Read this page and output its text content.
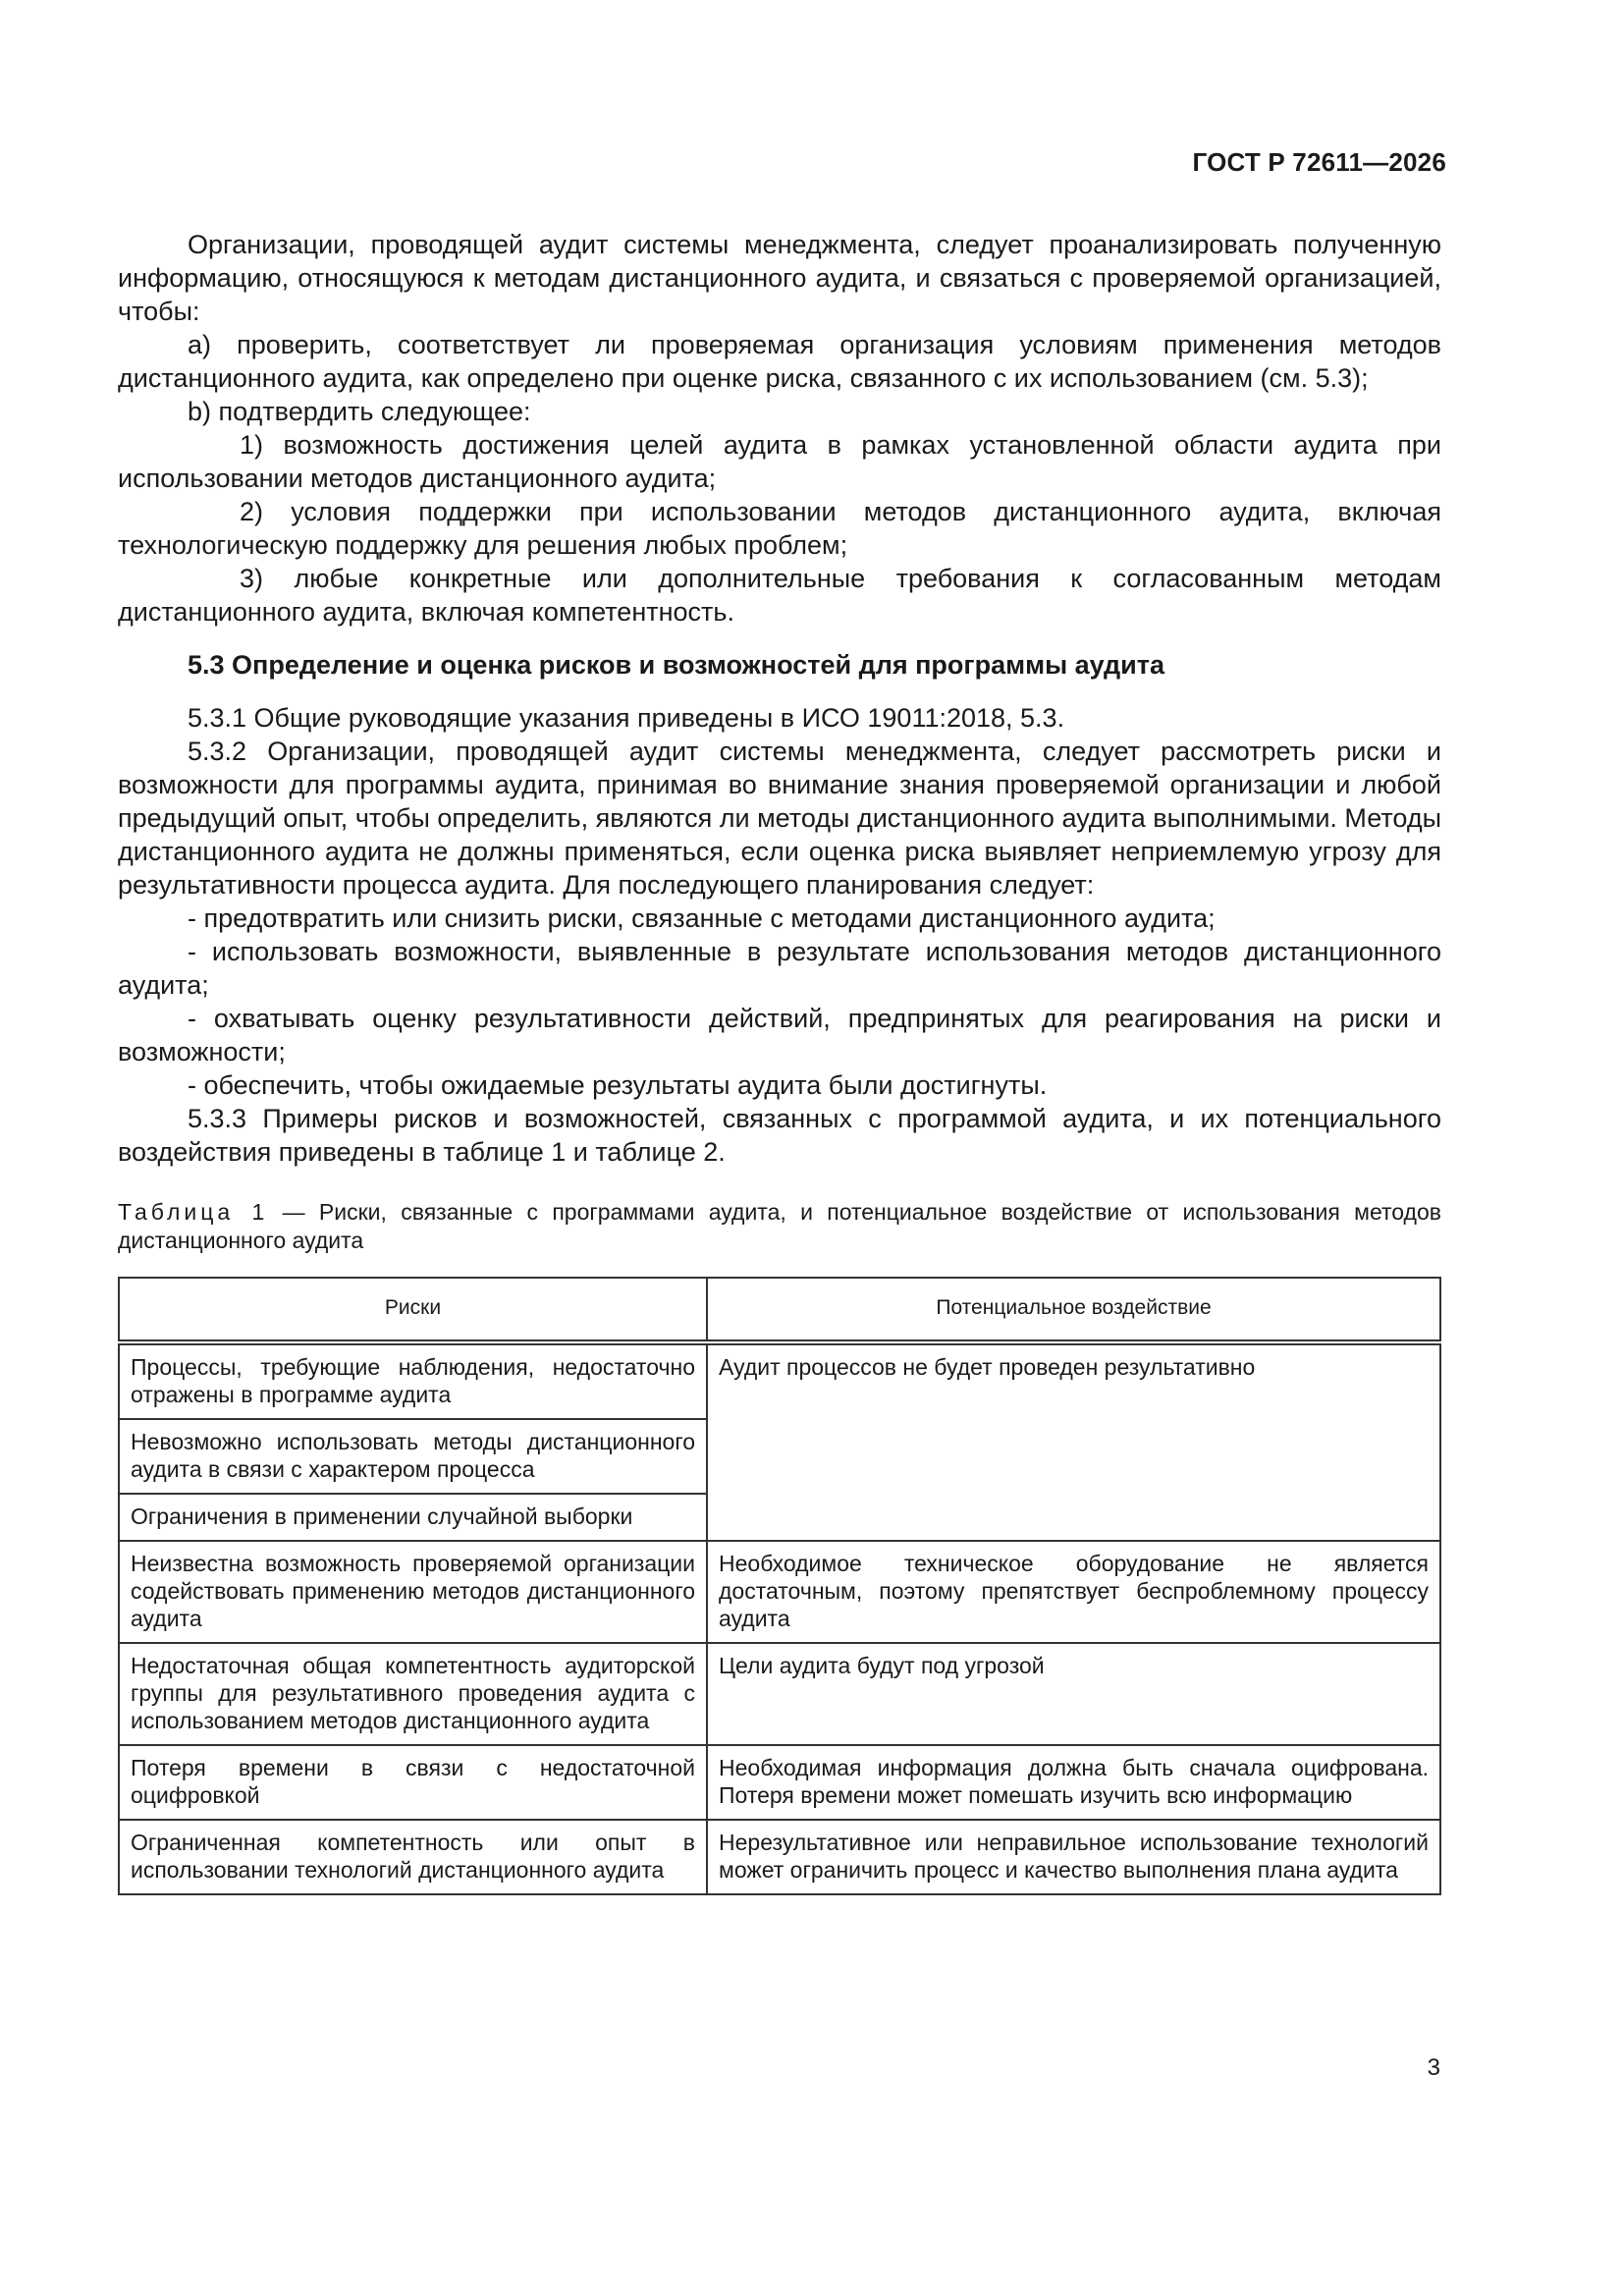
ГОСТ Р 72611—2026

Организации, проводящей аудит системы менеджмента, следует проанализировать полученную информацию, относящуюся к методам дистанционного аудита, и связаться с проверяемой организацией, чтобы:

a) проверить, соответствует ли проверяемая организация условиям применения методов дистанционного аудита, как определено при оценке риска, связанного с их использованием (см. 5.3);

b) подтвердить следующее:

1) возможность достижения целей аудита в рамках установленной области аудита при использовании методов дистанционного аудита;

2) условия поддержки при использовании методов дистанционного аудита, включая технологическую поддержку для решения любых проблем;

3) любые конкретные или дополнительные требования к согласованным методам дистанционного аудита, включая компетентность.

5.3 Определение и оценка рисков и возможностей для программы аудита

5.3.1 Общие руководящие указания приведены в ИСО 19011:2018, 5.3.

5.3.2 Организации, проводящей аудит системы менеджмента, следует рассмотреть риски и возможности для программы аудита, принимая во внимание знания проверяемой организации и любой предыдущий опыт, чтобы определить, являются ли методы дистанционного аудита выполнимыми. Методы дистанционного аудита не должны применяться, если оценка риска выявляет неприемлемую угрозу для результативности процесса аудита. Для последующего планирования следует:

- предотвратить или снизить риски, связанные с методами дистанционного аудита;

- использовать возможности, выявленные в результате использования методов дистанционного аудита;

- охватывать оценку результативности действий, предпринятых для реагирования на риски и возможности;

- обеспечить, чтобы ожидаемые результаты аудита были достигнуты.

5.3.3 Примеры рисков и возможностей, связанных с программой аудита, и их потенциального воздействия приведены в таблице 1 и таблице 2.

Таблица 1 — Риски, связанные с программами аудита, и потенциальное воздействие от использования методов дистанционного аудита

Риски	Потенциальное воздействие
Процессы, требующие наблюдения, недостаточно отражены в программе аудита	Аудит процессов не будет проведен результативно
Невозможно использовать методы дистанционного аудита в связи с характером процесса	
Ограничения в применении случайной выборки	
Неизвестна возможность проверяемой организации содействовать применению методов дистанционного аудита	Необходимое техническое оборудование не является достаточным, поэтому препятствует беспроблемному процессу аудита
Недостаточная общая компетентность аудиторской группы для результативного проведения аудита с использованием методов дистанционного аудита	Цели аудита будут под угрозой
Потеря времени в связи с недостаточной оцифровкой	Необходимая информация должна быть сначала оцифрована. Потеря времени может помешать изучить всю информацию
Ограниченная компетентность или опыт в использовании технологий дистанционного аудита	Нерезультативное или неправильное использование технологий может ограничить процесс и качество выполнения плана аудита
3
